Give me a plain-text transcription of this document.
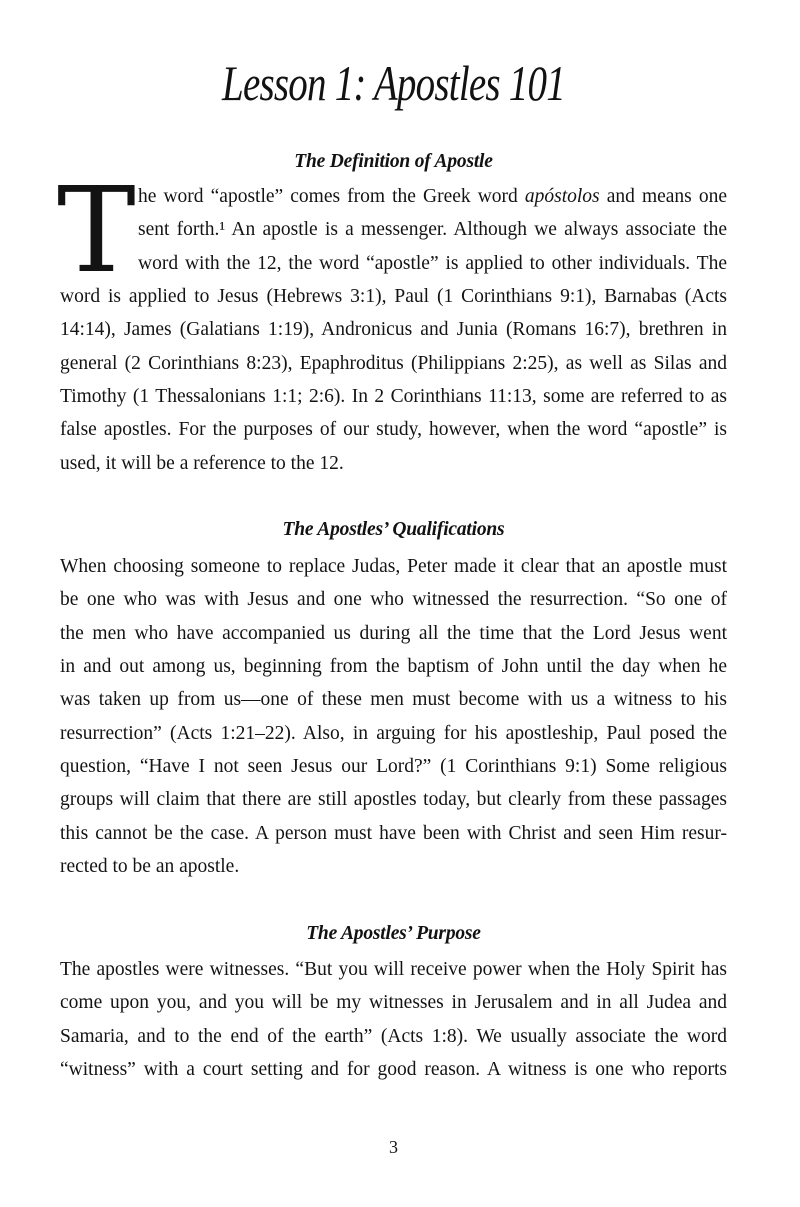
Lesson 1: Apostles 101
The Definition of Apostle
T he word “apostle” comes from the Greek word apóstolos and means one
sent forth.¹ An apostle is a messenger. Although we always associate the
word with the 12, the word “apostle” is applied to other individuals. The
word is applied to Jesus (Hebrews 3:1), Paul (1 Corinthians 9:1), Barnabas (Acts
14:14), James (Galatians 1:19), Andronicus and Junia (Romans 16:7), brethren in
general (2 Corinthians 8:23), Epaphroditus (Philippians 2:25), as well as Silas and
Timothy (1 Thessalonians 1:1; 2:6). In 2 Corinthians 11:13, some are referred to as
false apostles. For the purposes of our study, however, when the word “apostle” is
used, it will be a reference to the 12.
The Apostles’ Qualifications
When choosing someone to replace Judas, Peter made it clear that an apostle must
be one who was with Jesus and one who witnessed the resurrection. “So one of
the men who have accompanied us during all the time that the Lord Jesus went
in and out among us, beginning from the baptism of John until the day when he
was taken up from us—one of these men must become with us a witness to his
resurrection” (Acts 1:21–22). Also, in arguing for his apostleship, Paul posed the
question, “Have I not seen Jesus our Lord?” (1 Corinthians 9:1) Some religious
groups will claim that there are still apostles today, but clearly from these passages
this cannot be the case. A person must have been with Christ and seen Him resur-
rected to be an apostle.
The Apostles’ Purpose
The apostles were witnesses. “But you will receive power when the Holy Spirit has
come upon you, and you will be my witnesses in Jerusalem and in all Judea and
Samaria, and to the end of the earth” (Acts 1:8). We usually associate the word
“witness” with a court setting and for good reason. A witness is one who reports
3
